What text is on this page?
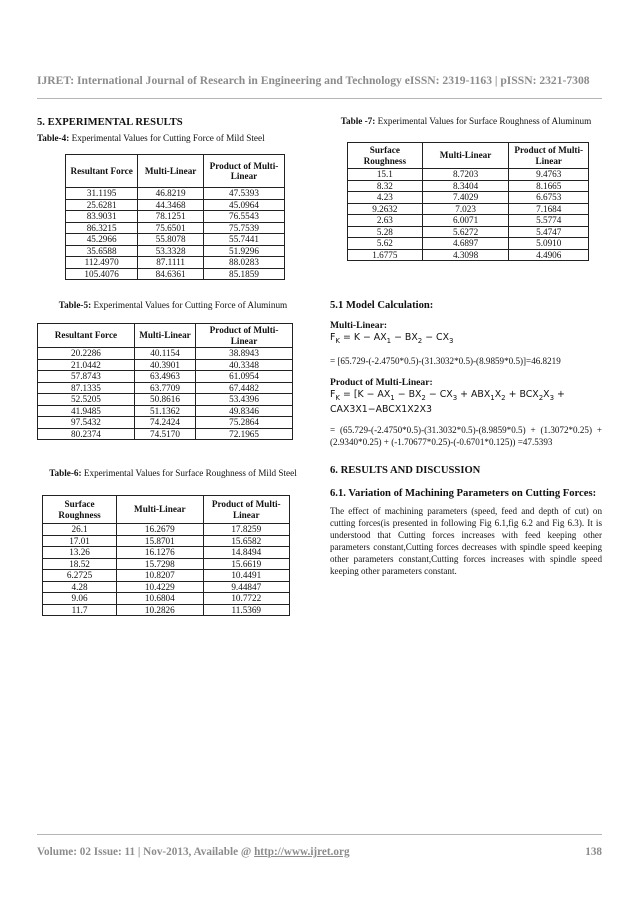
IJRET: International Journal of Research in Engineering and Technology eISSN: 2319-1163 | pISSN: 2321-7308

5. EXPERIMENTAL RESULTS

Table-4: Experimental Values for Cutting Force of Mild Steel

Resultant Force	Multi-Linear	Product of Multi-Linear
31.1195	46.8219	47.5393
25.6281	44.3468	45.0964
83.9031	78.1251	76.5543
86.3215	75.6501	75.7539
45.2966	55.8078	55.7441
35.6588	53.3328	51.9296
112.4970	87.1111	88.0283
105.4076	84.6361	85.1859

Table-5: Experimental Values for Cutting Force of Aluminum

Resultant Force	Multi-Linear	Product of Multi-Linear
20.2286	40.1154	38.8943
21.0442	40.3901	40.3348
57.8743	63.4963	61.0954
87.1335	63.7709	67.4482
52.5205	50.8616	53.4396
41.9485	51.1362	49.8346
97.5432	74.2424	75.2864
80.2374	74.5170	72.1965

Table-6: Experimental Values for Surface Roughness of Mild Steel

Surface Roughness	Multi-Linear	Product of Multi-Linear
26.1	16.2679	17.8259
17.01	15.8701	15.6582
13.26	16.1276	14.8494
18.52	15.7298	15.6619
6.2725	10.8207	10.4491
4.28	10.4229	9.44847
9.06	10.6804	10.7722
11.7	10.2826	11.5369

Table -7: Experimental Values for Surface Roughness of Aluminum

Surface Roughness	Multi-Linear	Product of Multi-Linear
15.1	8.7203	9.4763
8.32	8.3404	8.1665
4.23	7.4029	6.6753
9.2632	7.023	7.1684
2.63	6.0071	5.5774
5.28	5.6272	5.4747
5.62	4.6897	5.0910
1.6775	4.3098	4.4906

5.1 Model Calculation:

Multi-Linear:

$F_K = K - AX_1 - BX_2 - CX_3$

= [65.729-(-2.4750*0.5)-(31.3032*0.5)-(8.9859*0.5)]=46.8219

Product of Multi-Linear:

$F_K = [K - AX_1 - BX_2 - CX_3 + ABX_1X_2 + BCX_2X_3$ + CAX3X1−ABCX1X2X3

= (65.729-(-2.4750*0.5)-(31.3032*0.5)-(8.9859*0.5) + (1.3072*0.25) + (2.9340*0.25) + (-1.70677*0.25)-(-0.6701*0.125)) =47.5393

6. RESULTS AND DISCUSSION

6.1. Variation of Machining Parameters on Cutting Forces:

The effect of machining parameters (speed, feed and depth of cut) on cutting forces(is presented in following Fig 6.1,fig 6.2 and Fig 6.3). It is understood that Cutting forces increases with feed keeping other parameters constant,Cutting forces decreases with spindle speed keeping other parameters constant,Cutting forces increases with spindle speed keeping other parameters constant.

Volume: 02 Issue: 11 | Nov-2013, Available @ http://www.ijret.org	138
